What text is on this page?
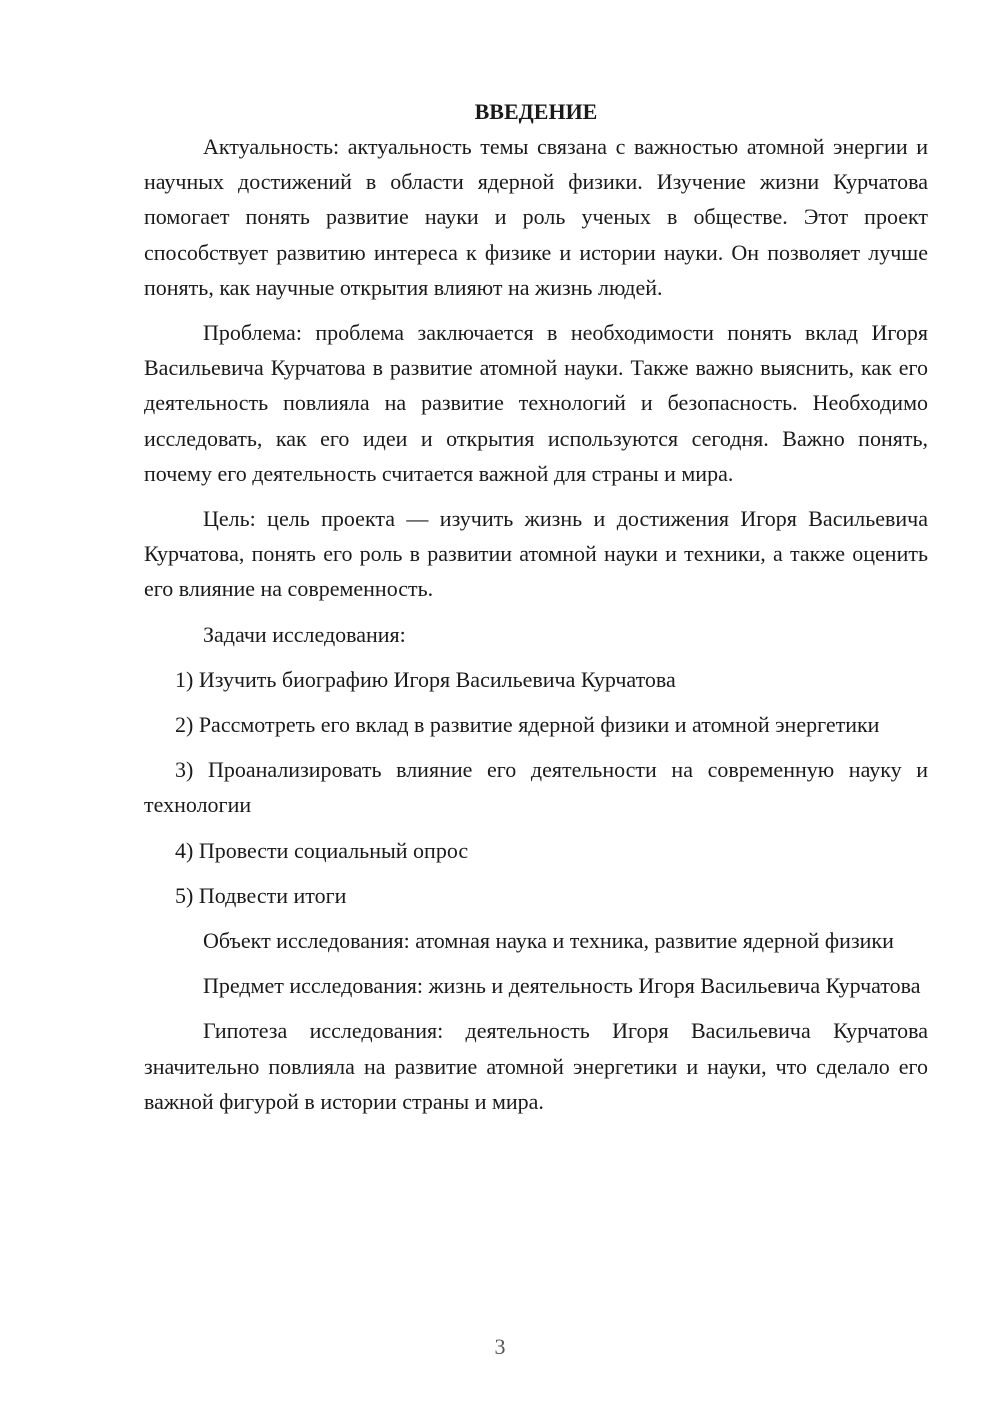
ВВЕДЕНИЕ

Актуальность: актуальность темы связана с важностью атомной энергии и научных достижений в области ядерной физики. Изучение жизни Курчатова помогает понять развитие науки и роль ученых в обществе. Этот проект способствует развитию интереса к физике и истории науки. Он позволяет лучше понять, как научные открытия влияют на жизнь людей.

Проблема: проблема заключается в необходимости понять вклад Игоря Васильевича Курчатова в развитие атомной науки. Также важно выяснить, как его деятельность повлияла на развитие технологий и безопасность. Необходимо исследовать, как его идеи и открытия используются сегодня. Важно понять, почему его деятельность считается важной для страны и мира.

Цель: цель проекта — изучить жизнь и достижения Игоря Васильевича Курчатова, понять его роль в развитии атомной науки и техники, а также оценить его влияние на современность.

Задачи исследования:

1) Изучить биографию Игоря Васильевича Курчатова

2) Рассмотреть его вклад в развитие ядерной физики и атомной энергетики

3) Проанализировать влияние его деятельности на современную науку и технологии

4) Провести социальный опрос

5) Подвести итоги

Объект исследования: атомная наука и техника, развитие ядерной физики

Предмет исследования: жизнь и деятельность Игоря Васильевича Курчатова

Гипотеза исследования: деятельность Игоря Васильевича Курчатова значительно повлияла на развитие атомной энергетики и науки, что сделало его важной фигурой в истории страны и мира.

3
